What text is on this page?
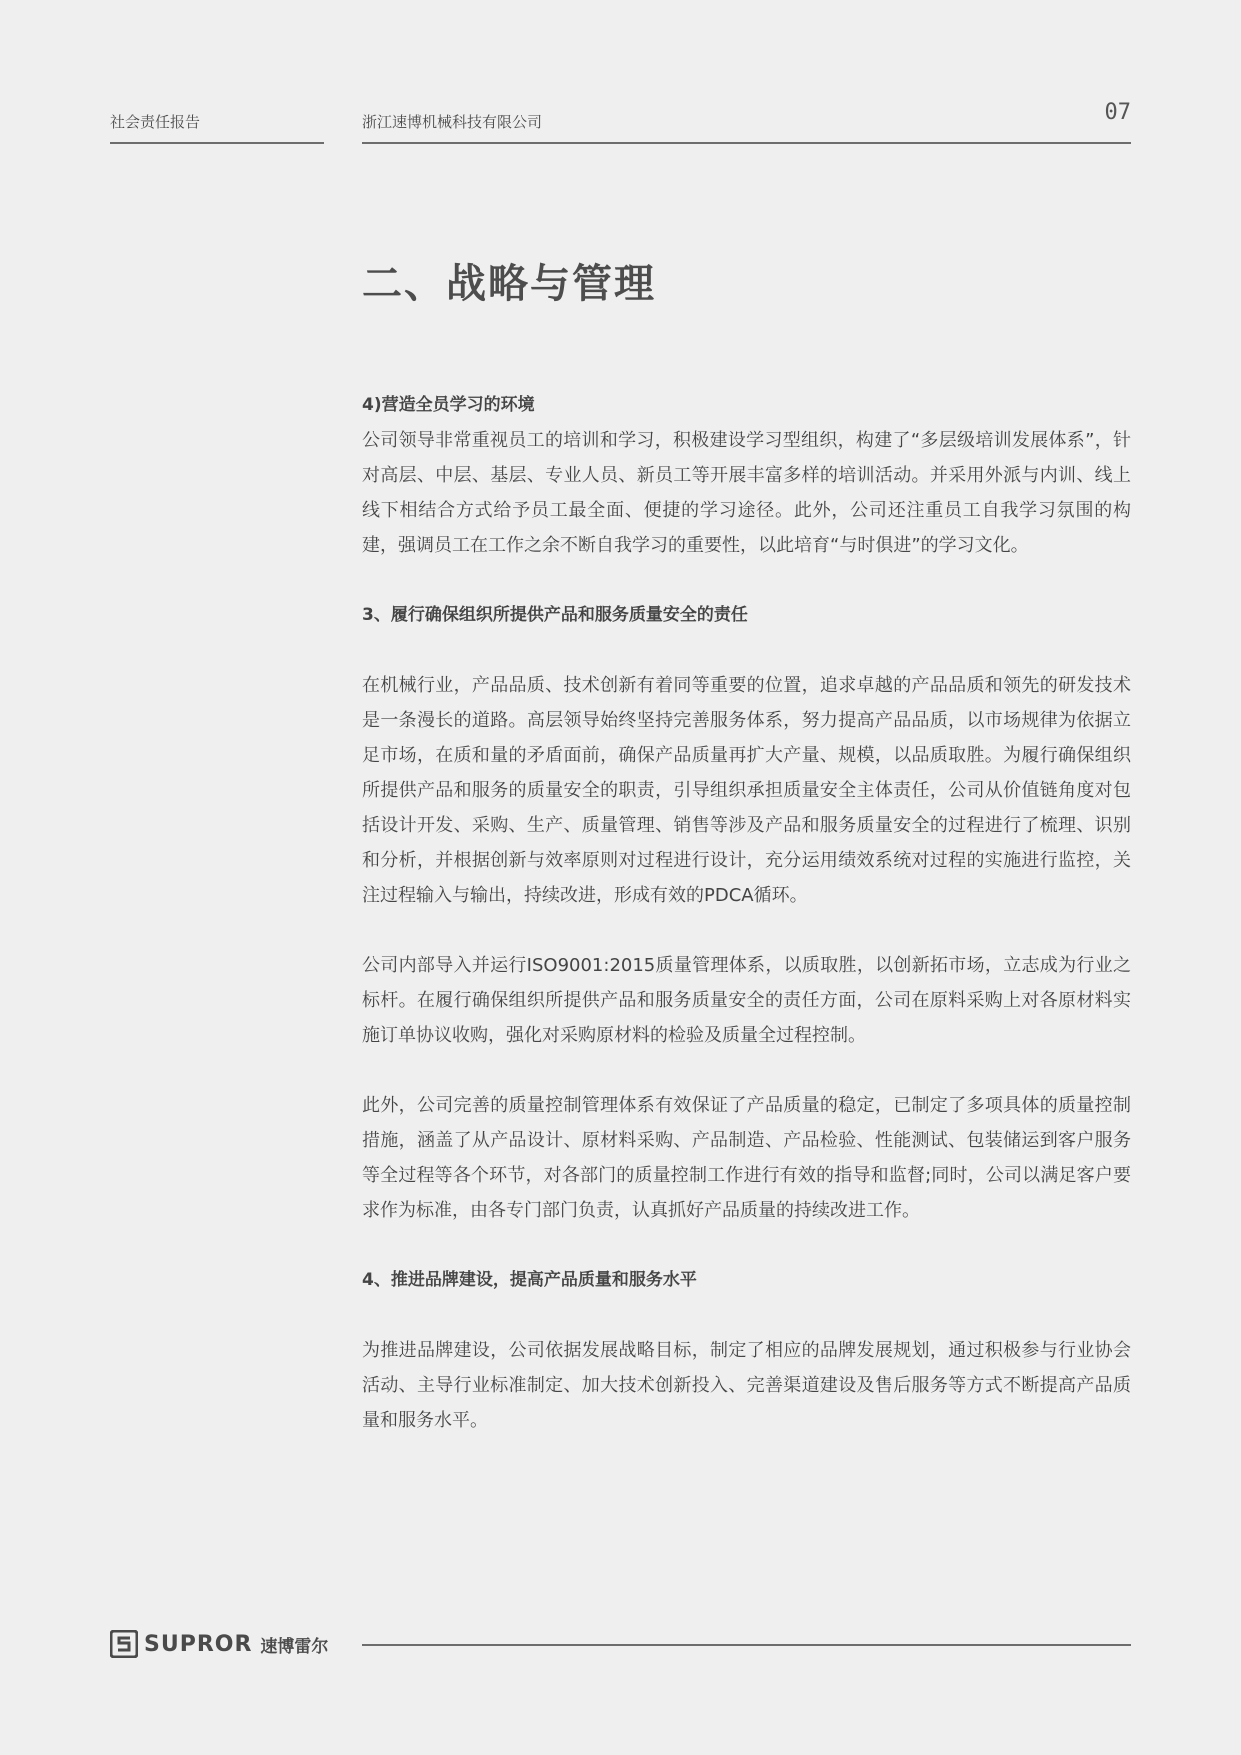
社会责任报告	浙江速博机械科技有限公司	07
二、战略与管理
4)营造全员学习的环境

公司领导非常重视员工的培训和学习，积极建设学习型组织，构建了“多层级培训发展体系”，针对高层、中层、基层、专业人员、新员工等开展丰富多样的培训活动。并采用外派与内训、线上线下相结合方式给予员工最全面、便捷的学习途径。此外，公司还注重员工自我学习氛围的构建，强调员工在工作之余不断自我学习的重要性，以此培育“与时俱进”的学习文化。

3、履行确保组织所提供产品和服务质量安全的责任

在机械行业，产品品质、技术创新有着同等重要的位置，追求卓越的产品品质和领先的研发技术是一条漫长的道路。高层领导始终坚持完善服务体系，努力提高产品品质，以市场规律为依据立足市场，在质和量的矛盾面前，确保产品质量再扩大产量、规模，以品质取胜。为履行确保组织所提供产品和服务的质量安全的职责，引导组织承担质量安全主体责任，公司从价值链角度对包括设计开发、采购、生产、质量管理、销售等涉及产品和服务质量安全的过程进行了梳理、识别和分析，并根据创新与效率原则对过程进行设计，充分运用绩效系统对过程的实施进行监控，关注过程输入与输出，持续改进，形成有效的PDCA循环。

公司内部导入并运行ISO9001:2015质量管理体系，以质取胜，以创新拓市场，立志成为行业之标杆。在履行确保组织所提供产品和服务质量安全的责任方面，公司在原料采购上对各原材料实施订单协议收购，强化对采购原材料的检验及质量全过程控制。

此外，公司完善的质量控制管理体系有效保证了产品质量的稳定，已制定了多项具体的质量控制措施，涵盖了从产品设计、原材料采购、产品制造、产品检验、性能测试、包装储运到客户服务等全过程等各个环节，对各部门的质量控制工作进行有效的指导和监督;同时，公司以满足客户要求作为标准，由各专门部门负责，认真抓好产品质量的持续改进工作。

4、推进品牌建设，提高产品质量和服务水平

为推进品牌建设，公司依据发展战略目标，制定了相应的品牌发展规划，通过积极参与行业协会活动、主导行业标准制定、加大技术创新投入、完善渠道建设及售后服务等方式不断提高产品质量和服务水平。

SUPROR 速博雷尔
